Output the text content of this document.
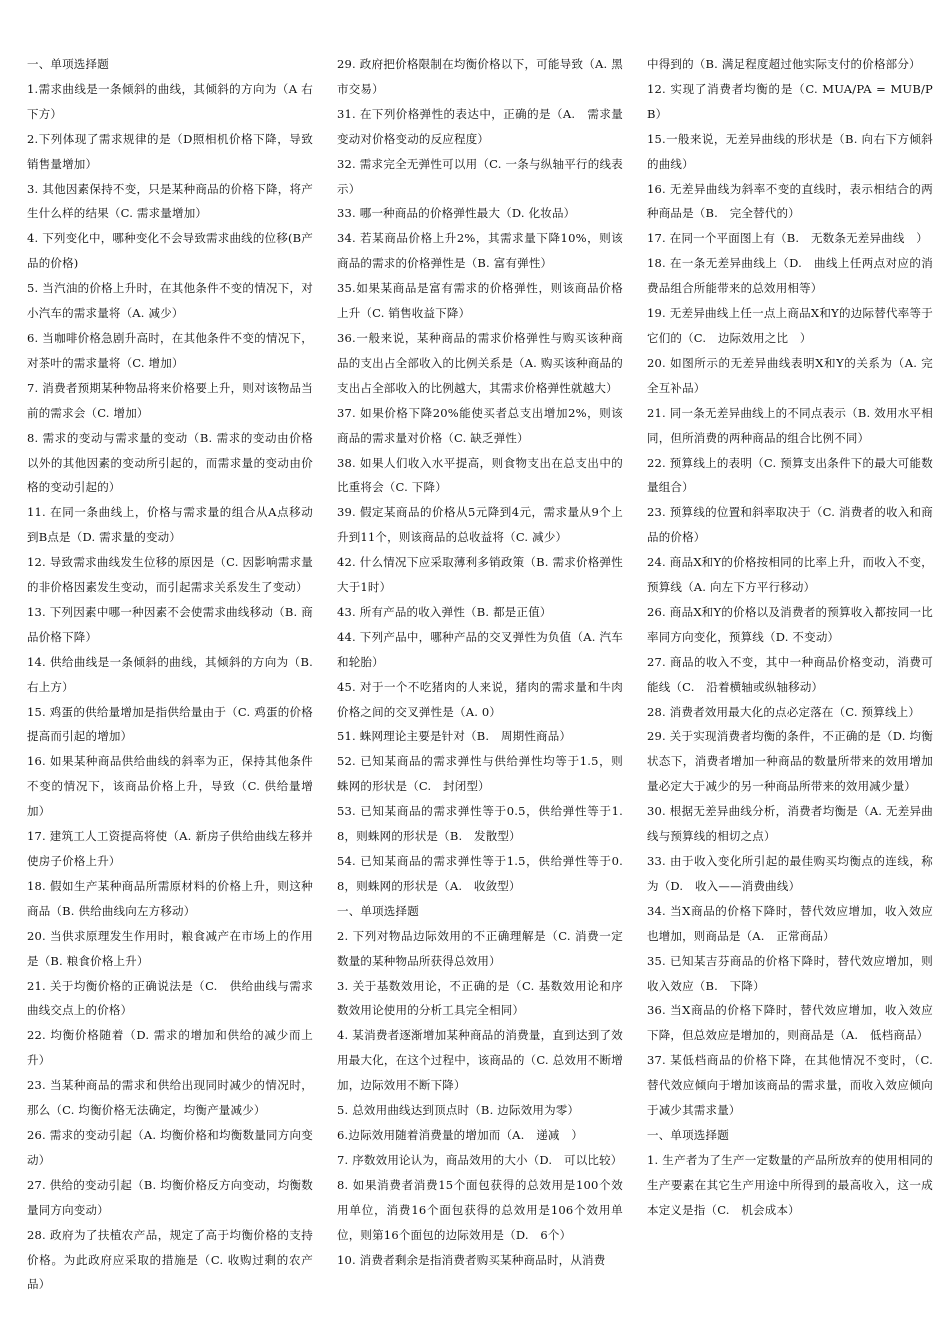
一、单项选择题

1.需求曲线是一条倾斜的曲线，其倾斜的方向为（A 右下方）

2.下列体现了需求规律的是（D照相机价格下降，导致销售量增加）

3. 其他因素保持不变，只是某种商品的价格下降，将产生什么样的结果（C. 需求量增加）

4. 下列变化中，哪种变化不会导致需求曲线的位移(B产品的价格)

5. 当汽油的价格上升时，在其他条件不变的情况下，对小汽车的需求量将（A. 减少）

6. 当咖啡价格急剧升高时，在其他条件不变的情况下，对茶叶的需求量将（C. 增加）

7. 消费者预期某种物品将来价格要上升，则对该物品当前的需求会（C. 增加）

8. 需求的变动与需求量的变动（B. 需求的变动由价格以外的其他因素的变动所引起的，而需求量的变动由价格的变动引起的）

11. 在同一条曲线上，价格与需求量的组合从A点移动到B点是（D. 需求量的变动）

12. 导致需求曲线发生位移的原因是（C. 因影响需求量的非价格因素发生变动，而引起需求关系发生了变动）

13. 下列因素中哪一种因素不会使需求曲线移动（B. 商品价格下降）

14. 供给曲线是一条倾斜的曲线，其倾斜的方向为（B.　右上方）

15. 鸡蛋的供给量增加是指供给量由于（C. 鸡蛋的价格提高而引起的增加）

16. 如果某种商品供给曲线的斜率为正，保持其他条件不变的情况下，该商品价格上升，导致（C. 供给量增加）

17. 建筑工人工资提高将使（A. 新房子供给曲线左移并使房子价格上升）

18. 假如生产某种商品所需原材料的价格上升，则这种商品（B. 供给曲线向左方移动）

20. 当供求原理发生作用时，粮食减产在市场上的作用是（B. 粮食价格上升）

21. 关于均衡价格的正确说法是（C.　供给曲线与需求曲线交点上的价格）

22. 均衡价格随着（D. 需求的增加和供给的减少而上升）

23. 当某种商品的需求和供给出现同时减少的情况时，那么（C. 均衡价格无法确定，均衡产量减少）

26. 需求的变动引起（A. 均衡价格和均衡数量同方向变动）

27. 供给的变动引起（B. 均衡价格反方向变动，均衡数量同方向变动）

28. 政府为了扶植农产品，规定了高于均衡价格的支持价格。为此政府应采取的措施是（C. 收购过剩的农产品）

29. 政府把价格限制在均衡价格以下，可能导致（A. 黑市交易）

31. 在下列价格弹性的表达中，正确的是（A.　需求量变动对价格变动的反应程度）

32. 需求完全无弹性可以用（C. 一条与纵轴平行的线表示）

33. 哪一种商品的价格弹性最大（D. 化妆品）

34. 若某商品价格上升2%，其需求量下降10%，则该商品的需求的价格弹性是（B. 富有弹性）

35.如果某商品是富有需求的价格弹性，则该商品价格上升（C. 销售收益下降）

36.一般来说，某种商品的需求价格弹性与购买该种商品的支出占全部收入的比例关系是（A. 购买该种商品的支出占全部收入的比例越大，其需求价格弹性就越大）

37. 如果价格下降20%能使买者总支出增加2%，则该商品的需求量对价格（C. 缺乏弹性）

38. 如果人们收入水平提高，则食物支出在总支出中的比重将会（C. 下降）

39. 假定某商品的价格从5元降到4元，需求量从9个上升到11个，则该商品的总收益将（C. 减少）

42. 什么情况下应采取薄利多销政策（B. 需求价格弹性大于1时）

43. 所有产品的收入弹性（B. 都是正值）

44. 下列产品中，哪种产品的交叉弹性为负值（A. 汽车和轮胎）

45. 对于一个不吃猪肉的人来说，猪肉的需求量和牛肉价格之间的交叉弹性是（A. 0）

51. 蛛网理论主要是针对（B.　周期性商品）

52. 已知某商品的需求弹性与供给弹性均等于1.5，则蛛网的形状是（C.　封闭型）

53. 已知某商品的需求弹性等于0.5，供给弹性等于1.8，则蛛网的形状是（B.　发散型）

54. 已知某商品的需求弹性等于1.5，供给弹性等于0.8，则蛛网的形状是（A.　收敛型）

一、单项选择题

2. 下列对物品边际效用的不正确理解是（C. 消费一定数量的某种物品所获得总效用）

3. 关于基数效用论，不正确的是（C. 基数效用论和序数效用论使用的分析工具完全相同）

4. 某消费者逐渐增加某种商品的消费量，直到达到了效用最大化，在这个过程中，该商品的（C. 总效用不断增加，边际效用不断下降）

5. 总效用曲线达到顶点时（B. 边际效用为零）

6.边际效用随着消费量的增加而（A.　递减　）

7. 序数效用论认为，商品效用的大小（D.　可以比较）

8. 如果消费者消费15个面包获得的总效用是100个效用单位，消费16个面包获得的总效用是106个效用单位，则第16个面包的边际效用是（D.　6个）

10. 消费者剩余是指消费者购买某种商品时，从消费

中得到的（B. 满足程度超过他实际支付的价格部分）

12. 实现了消费者均衡的是（C. MUA/PA = MUB/PB）

15.一般来说，无差异曲线的形状是（B. 向右下方倾斜的曲线）

16. 无差异曲线为斜率不变的直线时，表示相结合的两种商品是（B.　完全替代的）

17. 在同一个平面图上有（B.　无数条无差异曲线　）

18. 在一条无差异曲线上（D.　曲线上任两点对应的消费品组合所能带来的总效用相等）

19. 无差异曲线上任一点上商品X和Y的边际替代率等于它们的（C.　边际效用之比　）

20. 如图所示的无差异曲线表明X和Y的关系为（A. 完全互补品）

21. 同一条无差异曲线上的不同点表示（B. 效用水平相同，但所消费的两种商品的组合比例不同）

22. 预算线上的表明（C. 预算支出条件下的最大可能数量组合）

23. 预算线的位置和斜率取决于（C. 消费者的收入和商品的价格）

24. 商品X和Y的价格按相同的比率上升，而收入不变，预算线（A. 向左下方平行移动）

26. 商品X和Y的价格以及消费者的预算收入都按同一比率同方向变化，预算线（D. 不变动）

27. 商品的收入不变，其中一种商品价格变动，消费可能线（C.　沿着横轴或纵轴移动）

28. 消费者效用最大化的点必定落在（C. 预算线上）

29. 关于实现消费者均衡的条件，不正确的是（D. 均衡状态下，消费者增加一种商品的数量所带来的效用增加量必定大于减少的另一种商品所带来的效用减少量）

30. 根据无差异曲线分析，消费者均衡是（A. 无差异曲线与预算线的相切之点）

33. 由于收入变化所引起的最佳购买均衡点的连线，称为（D.　收入——消费曲线）

34. 当X商品的价格下降时，替代效应增加，收入效应也增加，则商品是（A.　正常商品）

35. 已知某吉芬商品的价格下降时，替代效应增加，则收入效应（B.　下降）

36. 当X商品的价格下降时，替代效应增加，收入效应下降，但总效应是增加的，则商品是（A.　低档商品）

37. 某低档商品的价格下降，在其他情况不变时，（C. 替代效应倾向于增加该商品的需求量，而收入效应倾向于减少其需求量）

一、单项选择题

1. 生产者为了生产一定数量的产品所放弃的使用相同的生产要素在其它生产用途中所得到的最高收入，这一成本定义是指（C.　机会成本）
